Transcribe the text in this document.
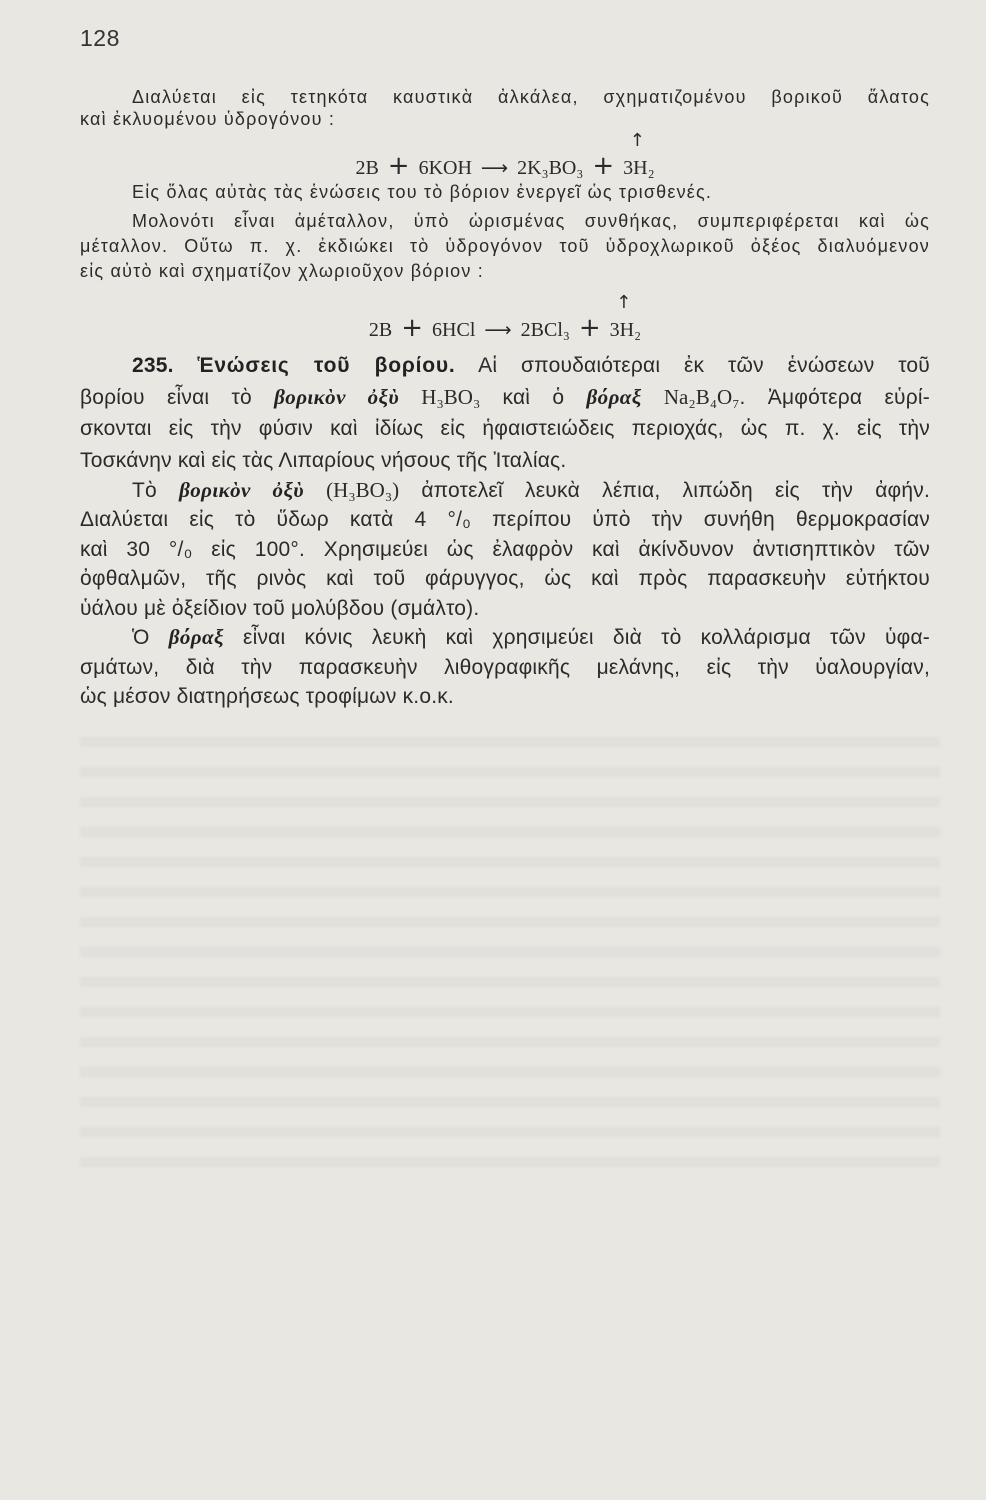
128
Διαλύεται εἰς τετηκότα καυστικὰ ἀλκάλεα, σχηματιζομένου βορικοῦ ἅλατος
καὶ ἐκλυομένου ὑδρογόνου :
2B + 6KOH ⟶ 2K₃BO₃ + 3H₂
↑
Εἰς ὅλας αὐτὰς τὰς ἑνώσεις του τὸ βόριον ἐνεργεῖ ὡς τρισθενές.
Μολονότι εἶναι ἀμέταλλον, ὑπὸ ὡρισμένας συνθήκας, συμπεριφέρεται καὶ ὡς
μέταλλον. Οὕτω π. χ. ἐκδιώκει τὸ ὑδρογόνον τοῦ ὑδροχλωρικοῦ ὀξέος διαλυόμενον
εἰς αὐτὸ καὶ σχηματίζον χλωριοῦχον βόριον :
2B + 6HCl ⟶ 2BCl₃ + 3H₂
↑
235. Ἑνώσεις τοῦ βορίου. Αἱ σπουδαιότεραι ἐκ τῶν ἑνώσεων τοῦ
βορίου εἶναι τὸ βορικὸν ὀξὺ H₃BO₃ καὶ ὁ βόραξ Na₂B₄O₇. Ἀμφότερα εὑρί-
σκονται εἰς τὴν φύσιν καὶ ἰδίως εἰς ἡφαιστειώδεις περιοχάς, ὡς π. χ. εἰς τὴν
Τοσκάνην καὶ εἰς τὰς Λιπαρίους νήσους τῆς Ἰταλίας.
Τὸ βορικὸν ὀξὺ (H₃BO₃) ἀποτελεῖ λευκὰ λέπια, λιπώδη εἰς τὴν ἀφήν.
Διαλύεται εἰς τὸ ὕδωρ κατὰ 4 °/₀ περίπου ὑπὸ τὴν συνήθη θερμοκρασίαν
καὶ 30 °/₀ εἰς 100°. Χρησιμεύει ὡς ἐλαφρὸν καὶ ἀκίνδυνον ἀντισηπτικὸν τῶν
ὀφθαλμῶν, τῆς ρινὸς καὶ τοῦ φάρυγγος, ὡς καὶ πρὸς παρασκευὴν εὐτήκτου
ὑάλου μὲ ὀξείδιον τοῦ μολύβδου (σμάλτο).
Ὁ βόραξ εἶναι κόνις λευκὴ καὶ χρησιμεύει διὰ τὸ κολλάρισμα τῶν ὑφα-
σμάτων, διὰ τὴν παρασκευὴν λιθογραφικῆς μελάνης, εἰς τὴν ὑαλουργίαν,
ὡς μέσον διατηρήσεως τροφίμων κ.ο.κ.
